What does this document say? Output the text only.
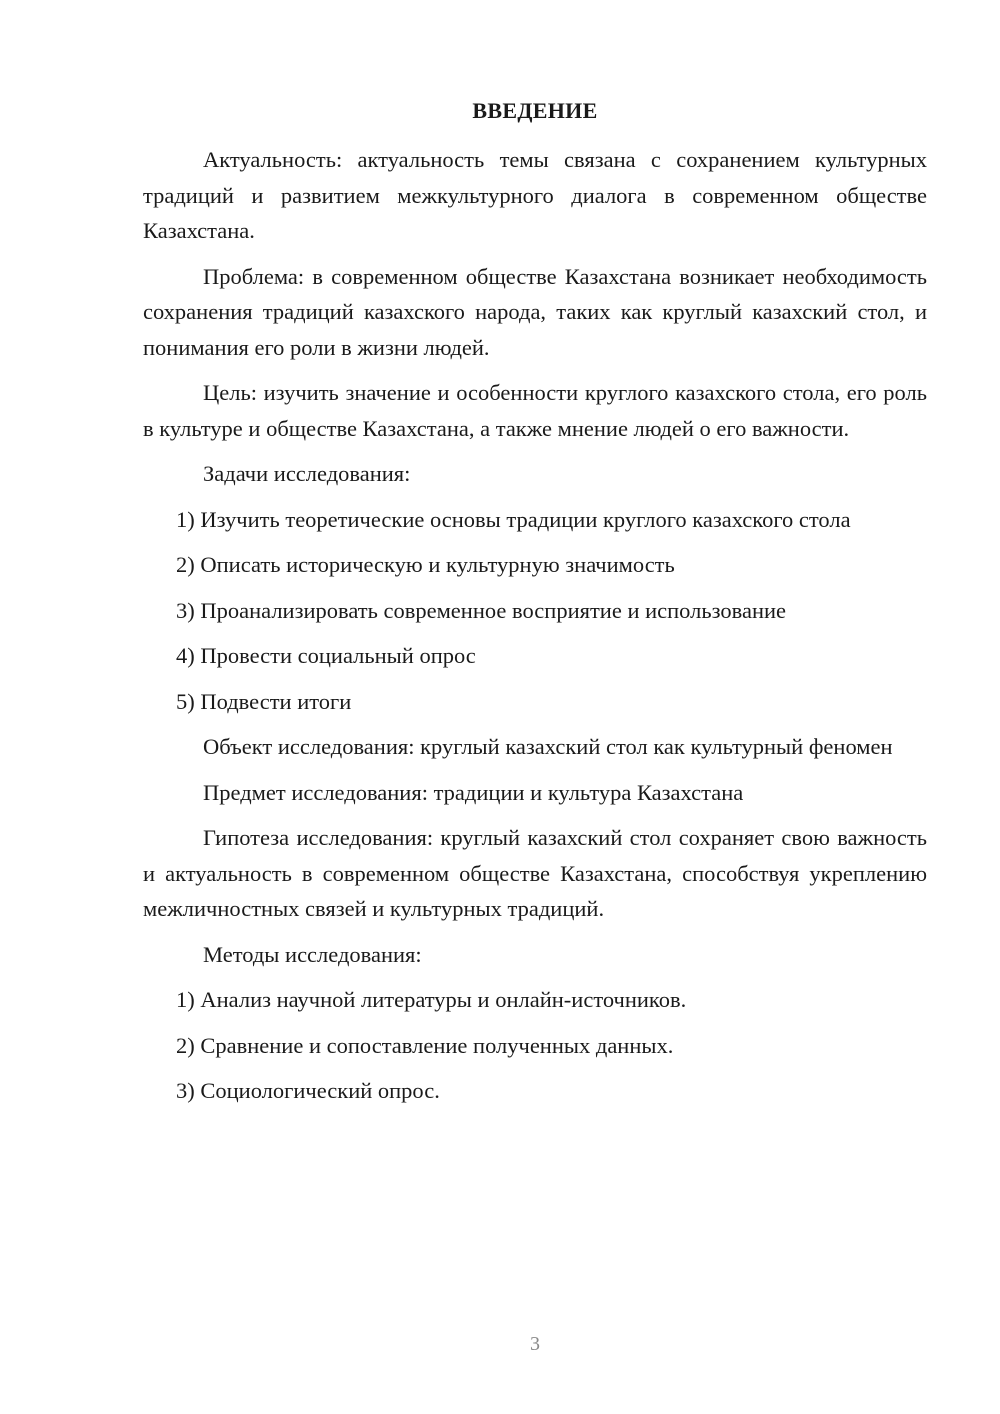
ВВЕДЕНИЕ

Актуальность: актуальность темы связана с сохранением культурных традиций и развитием межкультурного диалога в современном обществе Казахстана.

Проблема: в современном обществе Казахстана возникает необходимость сохранения традиций казахского народа, таких как круглый казахский стол, и понимания его роли в жизни людей.

Цель: изучить значение и особенности круглого казахского стола, его роль в культуре и обществе Казахстана, а также мнение людей о его важности.

Задачи исследования:

1) Изучить теоретические основы традиции круглого казахского стола

2) Описать историческую и культурную значимость

3) Проанализировать современное восприятие и использование

4) Провести социальный опрос

5) Подвести итоги

Объект исследования: круглый казахский стол как культурный феномен

Предмет исследования: традиции и культура Казахстана

Гипотеза исследования: круглый казахский стол сохраняет свою важность и актуальность в современном обществе Казахстана, способствуя укреплению межличностных связей и культурных традиций.

Методы исследования:

1) Анализ научной литературы и онлайн-источников.

2) Сравнение и сопоставление полученных данных.

3) Социологический опрос.

3
